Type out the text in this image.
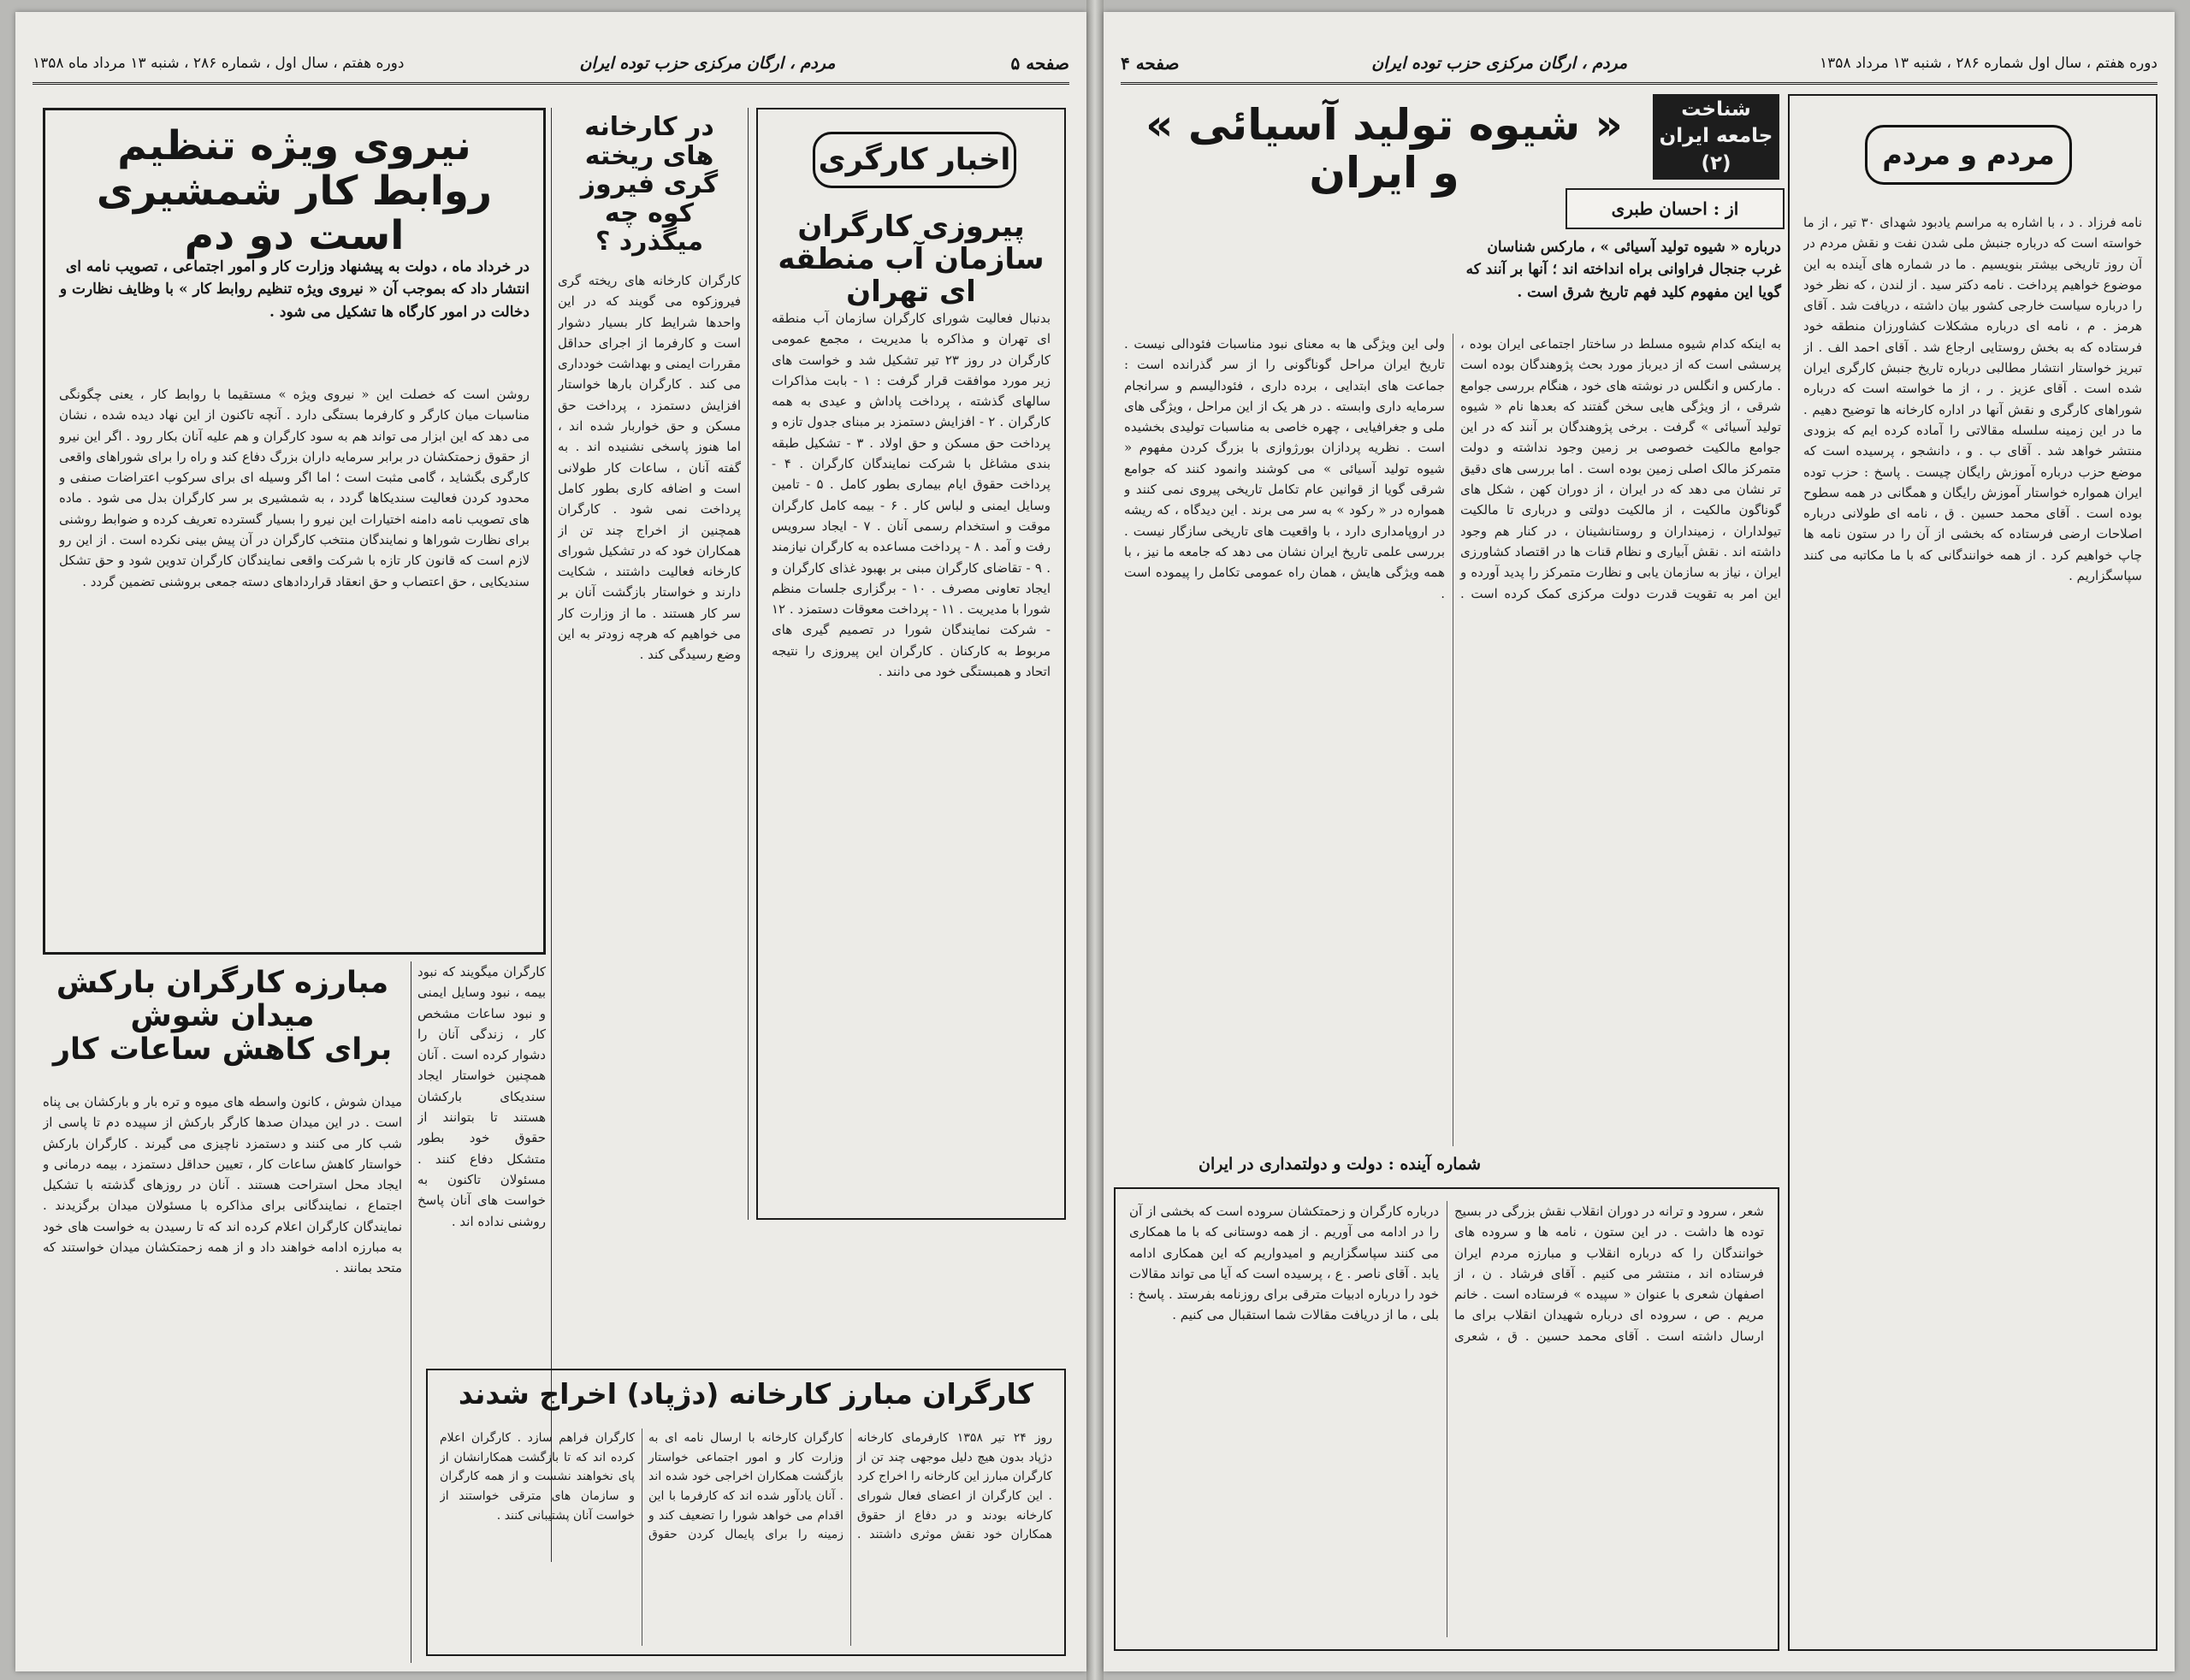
صفحه ۵
مردم ، ارگان مرکزی حزب توده ایران
دوره هفتم ، سال اول ، شماره ۲۸۶ ، شنبه ۱۳ مرداد ماه ۱۳۵۸
نیروی ویژه تنظیم روابط کار شمشیری است دو دم
در خرداد ماه ، دولت به پیشنهاد وزارت کار و امور اجتماعی ، تصویب نامه ای انتشار داد که بموجب آن « نیروی ویژه تنظیم روابط کار » با وظایف نظارت و دخالت در امور کارگاه ها تشکیل می شود .
روشن است که خصلت این « نیروی ویژه » مستقیما با روابط کار ، یعنی چگونگی مناسبات میان کارگر و کارفرما بستگی دارد . آنچه تاکنون از این نهاد دیده شده ، نشان می دهد که این ابزار می تواند هم به سود کارگران و هم علیه آنان بکار رود . اگر این نیرو از حقوق زحمتکشان در برابر سرمایه داران بزرگ دفاع کند و راه را برای شوراهای واقعی کارگری بگشاید ، گامی مثبت است ؛ اما اگر وسیله ای برای سرکوب اعتراضات صنفی و محدود کردن فعالیت سندیکاها گردد ، به شمشیری بر سر کارگران بدل می شود . ماده های تصویب نامه دامنه اختیارات این نیرو را بسیار گسترده تعریف کرده و ضوابط روشنی برای نظارت شوراها و نمایندگان منتخب کارگران در آن پیش بینی نکرده است . از این رو لازم است که قانون کار تازه با شرکت واقعی نمایندگان کارگران تدوین شود و حق تشکل سندیکایی ، حق اعتصاب و حق انعقاد قراردادهای دسته جمعی بروشنی تضمین گردد .
در کارخانه های ریخته گری فیروز کوه چه میگذرد ؟
کارگران کارخانه های ریخته گری فیروزکوه می گویند که در این واحدها شرایط کار بسیار دشوار است و کارفرما از اجرای حداقل مقررات ایمنی و بهداشت خودداری می کند . کارگران بارها خواستار افزایش دستمزد ، پرداخت حق مسکن و حق خواربار شده اند ، اما هنوز پاسخی نشنیده اند . به گفته آنان ، ساعات کار طولانی است و اضافه کاری بطور کامل پرداخت نمی شود . کارگران همچنین از اخراج چند تن از همکاران خود که در تشکیل شورای کارخانه فعالیت داشتند ، شکایت دارند و خواستار بازگشت آنان بر سر کار هستند . ما از وزارت کار می خواهیم که هرچه زودتر به این وضع رسیدگی کند .
اخبار کارگری
پیروزی کارگران سازمان آب منطقه ای تهران
بدنبال فعالیت شورای کارگران سازمان آب منطقه ای تهران و مذاکره با مدیریت ، مجمع عمومی کارگران در روز ۲۳ تیر تشکیل شد و خواست های زیر مورد موافقت قرار گرفت : ۱ - بابت مذاکرات سالهای گذشته ، پرداخت پاداش و عیدی به همه کارگران . ۲ - افزایش دستمزد بر مبنای جدول تازه و پرداخت حق مسکن و حق اولاد . ۳ - تشکیل طبقه بندی مشاغل با شرکت نمایندگان کارگران . ۴ - پرداخت حقوق ایام بیماری بطور کامل . ۵ - تامین وسایل ایمنی و لباس کار . ۶ - بیمه کامل کارگران موقت و استخدام رسمی آنان . ۷ - ایجاد سرویس رفت و آمد . ۸ - پرداخت مساعده به کارگران نیازمند . ۹ - تقاضای کارگران مبنی بر بهبود غذای کارگران و ایجاد تعاونی مصرف . ۱۰ - برگزاری جلسات منظم شورا با مدیریت . ۱۱ - پرداخت معوقات دستمزد . ۱۲ - شرکت نمایندگان شورا در تصمیم گیری های مربوط به کارکنان . کارگران این پیروزی را نتیجه اتحاد و همبستگی خود می دانند .
مبارزه کارگران بارکش
میدان شوش
برای کاهش ساعات کار
میدان شوش ، کانون واسطه های میوه و تره بار و بارکشان بی پناه است . در این میدان صدها کارگر بارکش از سپیده دم تا پاسی از شب کار می کنند و دستمزد ناچیزی می گیرند . کارگران بارکش خواستار کاهش ساعات کار ، تعیین حداقل دستمزد ، بیمه درمانی و ایجاد محل استراحت هستند . آنان در روزهای گذشته با تشکیل اجتماع ، نمایندگانی برای مذاکره با مسئولان میدان برگزیدند . نمایندگان کارگران اعلام کرده اند که تا رسیدن به خواست های خود به مبارزه ادامه خواهند داد و از همه زحمتکشان میدان خواستند که متحد بمانند .
کارگران میگویند که نبود بیمه ، نبود وسایل ایمنی و نبود ساعات مشخص کار ، زندگی آنان را دشوار کرده است . آنان همچنین خواستار ایجاد سندیکای بارکشان هستند تا بتوانند از حقوق خود بطور متشکل دفاع کنند . مسئولان تاکنون به خواست های آنان پاسخ روشنی نداده اند .
کارگران مبارز کارخانه (دژپاد) اخراج شدند
روز ۲۴ تیر ۱۳۵۸ کارفرمای کارخانه دژپاد بدون هیچ دلیل موجهی چند تن از کارگران مبارز این کارخانه را اخراج کرد . این کارگران از اعضای فعال شورای کارخانه بودند و در دفاع از حقوق همکاران خود نقش موثری داشتند . کارگران کارخانه با ارسال نامه ای به وزارت کار و امور اجتماعی خواستار بازگشت همکاران اخراجی خود شده اند . آنان یادآور شده اند که کارفرما با این اقدام می خواهد شورا را تضعیف کند و زمینه را برای پایمال کردن حقوق کارگران فراهم سازد . کارگران اعلام کرده اند که تا بازگشت همکارانشان از پای نخواهند نشست و از همه کارگران و سازمان های مترقی خواستند از خواست آنان پشتیبانی کنند .
دوره هفتم ، سال اول شماره ۲۸۶ ، شنبه ۱۳ مرداد ۱۳۵۸
مردم ، ارگان مرکزی حزب توده ایران
صفحه ۴
مردم و مردم
نامه فرزاد . د ، با اشاره به مراسم یادبود شهدای ۳۰ تیر ، از ما خواسته است که درباره جنبش ملی شدن نفت و نقش مردم در آن روز تاریخی بیشتر بنویسیم . ما در شماره های آینده به این موضوع خواهیم پرداخت . نامه دکتر سید . از لندن ، که نظر خود را درباره سیاست خارجی کشور بیان داشته ، دریافت شد . آقای هرمز . م ، نامه ای درباره مشکلات کشاورزان منطقه خود فرستاده که به بخش روستایی ارجاع شد . آقای احمد الف . از تبریز خواستار انتشار مطالبی درباره تاریخ جنبش کارگری ایران شده است . آقای عزیز . ر ، از ما خواسته است که درباره شوراهای کارگری و نقش آنها در اداره کارخانه ها توضیح دهیم . ما در این زمینه سلسله مقالاتی را آماده کرده ایم که بزودی منتشر خواهد شد . آقای ب . و ، دانشجو ، پرسیده است که موضع حزب درباره آموزش رایگان چیست . پاسخ : حزب توده ایران همواره خواستار آموزش رایگان و همگانی در همه سطوح بوده است . آقای محمد حسین . ق ، نامه ای طولانی درباره اصلاحات ارضی فرستاده که بخشی از آن را در ستون نامه ها چاپ خواهیم کرد . از همه خوانندگانی که با ما مکاتبه می کنند سپاسگزاریم .
شناخت جامعه ایران (۲)
« شیوه تولید آسیائی » و ایران
از : احسان طبری
درباره « شیوه تولید آسیائی » ، مارکس شناسان غرب جنجال فراوانی براه انداخته اند ؛ آنها بر آنند که گویا این مفهوم کلید فهم تاریخ شرق است .
به اینکه کدام شیوه مسلط در ساختار اجتماعی ایران بوده ، پرسشی است که از دیرباز مورد بحث پژوهندگان بوده است . مارکس و انگلس در نوشته های خود ، هنگام بررسی جوامع شرقی ، از ویژگی هایی سخن گفتند که بعدها نام « شیوه تولید آسیائی » گرفت . برخی پژوهندگان بر آنند که در این جوامع مالکیت خصوصی بر زمین وجود نداشته و دولت متمرکز مالک اصلی زمین بوده است . اما بررسی های دقیق تر نشان می دهد که در ایران ، از دوران کهن ، شکل های گوناگون مالکیت ، از مالکیت دولتی و درباری تا مالکیت تیولداران ، زمینداران و روستانشینان ، در کنار هم وجود داشته اند . نقش آبیاری و نظام قنات ها در اقتصاد کشاورزی ایران ، نیاز به سازمان یابی و نظارت متمرکز را پدید آورده و این امر به تقویت قدرت دولت مرکزی کمک کرده است . ولی این ویژگی ها به معنای نبود مناسبات فئودالی نیست . تاریخ ایران مراحل گوناگونی را از سر گذرانده است : جماعت های ابتدایی ، برده داری ، فئودالیسم و سرانجام سرمایه داری وابسته . در هر یک از این مراحل ، ویژگی های ملی و جغرافیایی ، چهره خاصی به مناسبات تولیدی بخشیده است . نظریه پردازان بورژوازی با بزرگ کردن مفهوم « شیوه تولید آسیائی » می کوشند وانمود کنند که جوامع شرقی گویا از قوانین عام تکامل تاریخی پیروی نمی کنند و همواره در « رکود » به سر می برند . این دیدگاه ، که ریشه در اروپامداری دارد ، با واقعیت های تاریخی سازگار نیست . بررسی علمی تاریخ ایران نشان می دهد که جامعه ما نیز ، با همه ویژگی هایش ، همان راه عمومی تکامل را پیموده است .
شماره آینده : دولت و دولتمداری در ایران
شعر ، سرود و ترانه در دوران انقلاب نقش بزرگی در بسیج توده ها داشت . در این ستون ، نامه ها و سروده های خوانندگان را که درباره انقلاب و مبارزه مردم ایران فرستاده اند ، منتشر می کنیم . آقای فرشاد . ن ، از اصفهان شعری با عنوان « سپیده » فرستاده است . خانم مریم . ص ، سروده ای درباره شهیدان انقلاب برای ما ارسال داشته است . آقای محمد حسین . ق ، شعری درباره کارگران و زحمتکشان سروده است که بخشی از آن را در ادامه می آوریم . از همه دوستانی که با ما همکاری می کنند سپاسگزاریم و امیدواریم که این همکاری ادامه یابد . آقای ناصر . ع ، پرسیده است که آیا می تواند مقالات خود را درباره ادبیات مترقی برای روزنامه بفرستد . پاسخ : بلی ، ما از دریافت مقالات شما استقبال می کنیم .
